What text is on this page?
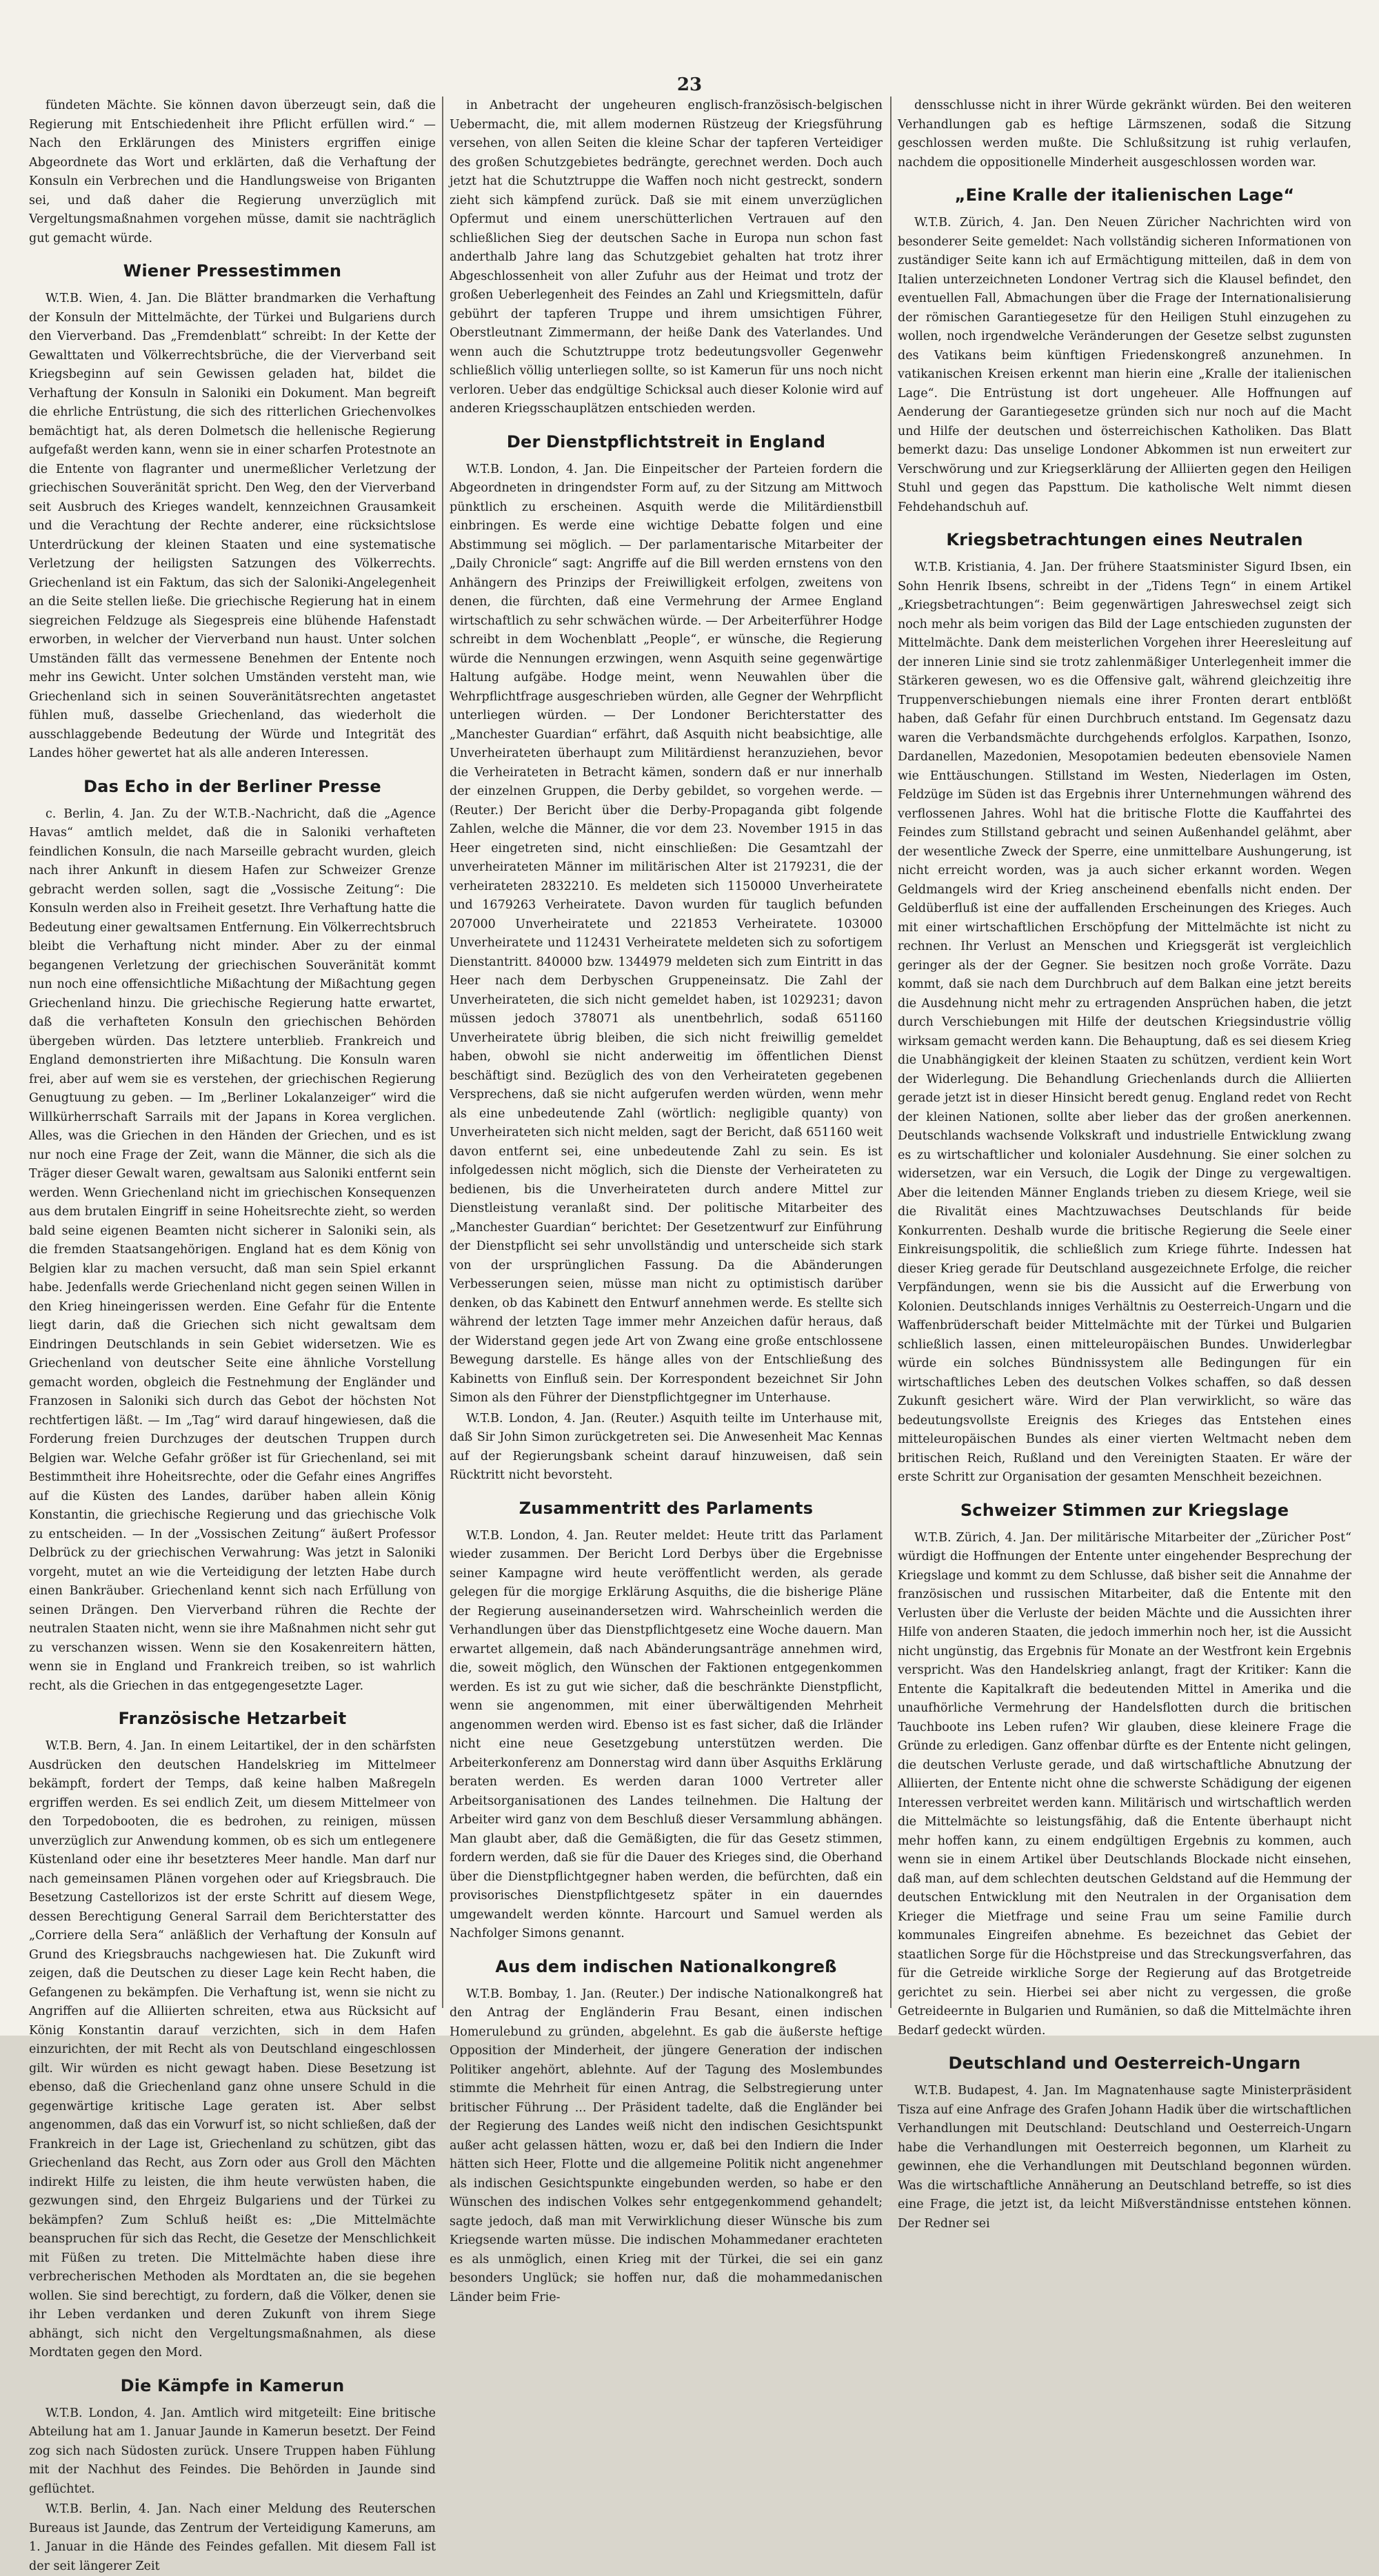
23

fündeten Mächte. Sie können davon überzeugt sein, daß die Regierung mit Entschiedenheit ihre Pflicht erfüllen wird.“ — Nach den Erklärungen des Ministers ergriffen einige Abgeordnete das Wort und erklärten, daß die Verhaftung der Konsuln ein Verbrechen und die Handlungsweise von Briganten sei, und daß daher die Regierung unverzüglich mit Vergeltungsmaßnahmen vorgehen müsse, damit sie nachträglich gut gemacht würde.

Wiener Pressestimmen

W.T.B. Wien, 4. Jan. Die Blätter brandmarken die Verhaftung der Konsuln der Mittelmächte, der Türkei und Bulgariens durch den Vierverband. Das „Fremdenblatt“ schreibt: In der Kette der Gewalttaten und Völkerrechtsbrüche, die der Vierverband seit Kriegsbeginn auf sein Gewissen geladen hat, bildet die Verhaftung der Konsuln in Saloniki ein Dokument. Man begreift die ehrliche Entrüstung, die sich des ritterlichen Griechenvolkes bemächtigt hat, als deren Dolmetsch die hellenische Regierung aufgefaßt werden kann, wenn sie in einer scharfen Protestnote an die Entente von flagranter und unermeßlicher Verletzung der griechischen Souveränität spricht. Den Weg, den der Vierverband seit Ausbruch des Krieges wandelt, kennzeichnen Grausamkeit und die Verachtung der Rechte anderer, eine rücksichtslose Unterdrückung der kleinen Staaten und eine systematische Verletzung der heiligsten Satzungen des Völkerrechts. Griechenland ist ein Faktum, das sich der Saloniki-Angelegenheit an die Seite stellen ließe. Die griechische Regierung hat in einem siegreichen Feldzuge als Siegespreis eine blühende Hafenstadt erworben, in welcher der Vierverband nun haust. Unter solchen Umständen fällt das vermessene Benehmen der Entente noch mehr ins Gewicht. Unter solchen Umständen versteht man, wie Griechenland sich in seinen Souveränitätsrechten angetastet fühlen muß, dasselbe Griechenland, das wiederholt die ausschlaggebende Bedeutung der Würde und Integrität des Landes höher gewertet hat als alle anderen Interessen.

Das Echo in der Berliner Presse

c. Berlin, 4. Jan. Zu der W.T.B.-Nachricht, daß die „Agence Havas“ amtlich meldet, daß die in Saloniki verhafteten feindlichen Konsuln, die nach Marseille gebracht wurden, gleich nach ihrer Ankunft in diesem Hafen zur Schweizer Grenze gebracht werden sollen, sagt die „Vossische Zeitung“: Die Konsuln werden also in Freiheit gesetzt. Ihre Verhaftung hatte die Bedeutung einer gewaltsamen Entfernung. Ein Völkerrechtsbruch bleibt die Verhaftung nicht minder. Aber zu der einmal begangenen Verletzung der griechischen Souveränität kommt nun noch eine offensichtliche Mißachtung der Mißachtung gegen Griechenland hinzu. Die griechische Regierung hatte erwartet, daß die verhafteten Konsuln den griechischen Behörden übergeben würden. Das letztere unterblieb. Frankreich und England demonstrierten ihre Mißachtung. Die Konsuln waren frei, aber auf wem sie es verstehen, der griechischen Regierung Genugtuung zu geben. — Im „Berliner Lokalanzeiger“ wird die Willkürherrschaft Sarrails mit der Japans in Korea verglichen. Alles, was die Griechen in den Händen der Griechen, und es ist nur noch eine Frage der Zeit, wann die Männer, die sich als die Träger dieser Gewalt waren, gewaltsam aus Saloniki entfernt sein werden. Wenn Griechenland nicht im griechischen Konsequenzen aus dem brutalen Eingriff in seine Hoheitsrechte zieht, so werden bald seine eigenen Beamten nicht sicherer in Saloniki sein, als die fremden Staatsangehörigen. England hat es dem König von Belgien klar zu machen versucht, daß man sein Spiel erkannt habe. Jedenfalls werde Griechenland nicht gegen seinen Willen in den Krieg hineingerissen werden. Eine Gefahr für die Entente liegt darin, daß die Griechen sich nicht gewaltsam dem Eindringen Deutschlands in sein Gebiet widersetzen. Wie es Griechenland von deutscher Seite eine ähnliche Vorstellung gemacht worden, obgleich die Festnehmung der Engländer und Franzosen in Saloniki sich durch das Gebot der höchsten Not rechtfertigen läßt. — Im „Tag“ wird darauf hingewiesen, daß die Forderung freien Durchzuges der deutschen Truppen durch Belgien war. Welche Gefahr größer ist für Griechenland, sei mit Bestimmtheit ihre Hoheitsrechte, oder die Gefahr eines Angriffes auf die Küsten des Landes, darüber haben allein König Konstantin, die griechische Regierung und das griechische Volk zu entscheiden. — In der „Vossischen Zeitung“ äußert Professor Delbrück zu der griechischen Verwahrung: Was jetzt in Saloniki vorgeht, mutet an wie die Verteidigung der letzten Habe durch einen Bankräuber. Griechenland kennt sich nach Erfüllung von seinen Drängen. Den Vierverband rühren die Rechte der neutralen Staaten nicht, wenn sie ihre Maßnahmen nicht sehr gut zu verschanzen wissen. Wenn sie den Kosakenreitern hätten, wenn sie in England und Frankreich treiben, so ist wahrlich recht, als die Griechen in das entgegengesetzte Lager.

Französische Hetzarbeit

W.T.B. Bern, 4. Jan. In einem Leitartikel, der in den schärfsten Ausdrücken den deutschen Handelskrieg im Mittelmeer bekämpft, fordert der Temps, daß keine halben Maßregeln ergriffen werden. Es sei endlich Zeit, um diesem Mittelmeer von den Torpedobooten, die es bedrohen, zu reinigen, müssen unverzüglich zur Anwendung kommen, ob es sich um entlegenere Küstenland oder eine ihr besetzteres Meer handle. Man darf nur nach gemeinsamen Plänen vorgehen oder auf Kriegsbrauch. Die Besetzung Castellorizos ist der erste Schritt auf diesem Wege, dessen Berechtigung General Sarrail dem Berichterstatter des „Corriere della Sera“ anläßlich der Verhaftung der Konsuln auf Grund des Kriegsbrauchs nachgewiesen hat. Die Zukunft wird zeigen, daß die Deutschen zu dieser Lage kein Recht haben, die Gefangenen zu bekämpfen. Die Verhaftung ist, wenn sie nicht zu Angriffen auf die Alliierten schreiten, etwa aus Rücksicht auf König Konstantin darauf verzichten, sich in dem Hafen einzurichten, der mit Recht als von Deutschland eingeschlossen gilt. Wir würden es nicht gewagt haben. Diese Besetzung ist ebenso, daß die Griechenland ganz ohne unsere Schuld in die gegenwärtige kritische Lage geraten ist. Aber selbst angenommen, daß das ein Vorwurf ist, so nicht schließen, daß der Frankreich in der Lage ist, Griechenland zu schützen, gibt das Griechenland das Recht, aus Zorn oder aus Groll den Mächten indirekt Hilfe zu leisten, die ihm heute verwüsten haben, die gezwungen sind, den Ehrgeiz Bulgariens und der Türkei zu bekämpfen? Zum Schluß heißt es: „Die Mittelmächte beanspruchen für sich das Recht, die Gesetze der Menschlichkeit mit Füßen zu treten. Die Mittelmächte haben diese ihre verbrecherischen Methoden als Mordtaten an, die sie begehen wollen. Sie sind berechtigt, zu fordern, daß die Völker, denen sie ihr Leben verdanken und deren Zukunft von ihrem Siege abhängt, sich nicht den Vergeltungsmaßnahmen, als diese Mordtaten gegen den Mord.

Die Kämpfe in Kamerun

W.T.B. London, 4. Jan. Amtlich wird mitgeteilt: Eine britische Abteilung hat am 1. Januar Jaunde in Kamerun besetzt. Der Feind zog sich nach Südosten zurück. Unsere Truppen haben Fühlung mit der Nachhut des Feindes. Die Behörden in Jaunde sind geflüchtet.

W.T.B. Berlin, 4. Jan. Nach einer Meldung des Reuterschen Bureaus ist Jaunde, das Zentrum der Verteidigung Kameruns, am 1. Januar in die Hände des Feindes gefallen. Mit diesem Fall ist der seit längerer Zeit

in Anbetracht der ungeheuren englisch-französisch-belgischen Uebermacht, die, mit allem modernen Rüstzeug der Kriegsführung versehen, von allen Seiten die kleine Schar der tapferen Verteidiger des großen Schutzgebietes bedrängte, gerechnet werden. Doch auch jetzt hat die Schutztruppe die Waffen noch nicht gestreckt, sondern zieht sich kämpfend zurück. Daß sie mit einem unverzüglichen Opfermut und einem unerschütterlichen Vertrauen auf den schließlichen Sieg der deutschen Sache in Europa nun schon fast anderthalb Jahre lang das Schutzgebiet gehalten hat trotz ihrer Abgeschlossenheit von aller Zufuhr aus der Heimat und trotz der großen Ueberlegenheit des Feindes an Zahl und Kriegsmitteln, dafür gebührt der tapferen Truppe und ihrem umsichtigen Führer, Oberstleutnant Zimmermann, der heiße Dank des Vaterlandes. Und wenn auch die Schutztruppe trotz bedeutungsvoller Gegenwehr schließlich völlig unterliegen sollte, so ist Kamerun für uns noch nicht verloren. Ueber das endgültige Schicksal auch dieser Kolonie wird auf anderen Kriegsschauplätzen entschieden werden.

Der Dienstpflichtstreit in England

W.T.B. London, 4. Jan. Die Einpeitscher der Parteien fordern die Abgeordneten in dringendster Form auf, zu der Sitzung am Mittwoch pünktlich zu erscheinen. Asquith werde die Militärdienstbill einbringen. Es werde eine wichtige Debatte folgen und eine Abstimmung sei möglich. — Der parlamentarische Mitarbeiter der „Daily Chronicle“ sagt: Angriffe auf die Bill werden ernstens von den Anhängern des Prinzips der Freiwilligkeit erfolgen, zweitens von denen, die fürchten, daß eine Vermehrung der Armee England wirtschaftlich zu sehr schwächen würde. — Der Arbeiterführer Hodge schreibt in dem Wochenblatt „People“, er wünsche, die Regierung würde die Nennungen erzwingen, wenn Asquith seine gegenwärtige Haltung aufgäbe. Hodge meint, wenn Neuwahlen über die Wehrpflichtfrage ausgeschrieben würden, alle Gegner der Wehrpflicht unterliegen würden. — Der Londoner Berichterstatter des „Manchester Guardian“ erfährt, daß Asquith nicht beabsichtige, alle Unverheirateten überhaupt zum Militärdienst heranzuziehen, bevor die Verheirateten in Betracht kämen, sondern daß er nur innerhalb der einzelnen Gruppen, die Derby gebildet, so vorgehen werde. — (Reuter.) Der Bericht über die Derby-Propaganda gibt folgende Zahlen, welche die Männer, die vor dem 23. November 1915 in das Heer eingetreten sind, nicht einschließen: Die Gesamtzahl der unverheirateten Männer im militärischen Alter ist 2179231, die der verheirateten 2832210. Es meldeten sich 1150000 Unverheiratete und 1679263 Verheiratete. Davon wurden für tauglich befunden 207000 Unverheiratete und 221853 Verheiratete. 103000 Unverheiratete und 112431 Verheiratete meldeten sich zu sofortigem Dienstantritt. 840000 bzw. 1344979 meldeten sich zum Eintritt in das Heer nach dem Derbyschen Gruppeneinsatz. Die Zahl der Unverheirateten, die sich nicht gemeldet haben, ist 1029231; davon müssen jedoch 378071 als unentbehrlich, sodaß 651160 Unverheiratete übrig bleiben, die sich nicht freiwillig gemeldet haben, obwohl sie nicht anderweitig im öffentlichen Dienst beschäftigt sind. Bezüglich des von den Verheirateten gegebenen Versprechens, daß sie nicht aufgerufen werden würden, wenn mehr als eine unbedeutende Zahl (wörtlich: negligible quanty) von Unverheirateten sich nicht melden, sagt der Bericht, daß 651160 weit davon entfernt sei, eine unbedeutende Zahl zu sein. Es ist infolgedessen nicht möglich, sich die Dienste der Verheirateten zu bedienen, bis die Unverheirateten durch andere Mittel zur Dienstleistung veranlaßt sind. Der politische Mitarbeiter des „Manchester Guardian“ berichtet: Der Gesetzentwurf zur Einführung der Dienstpflicht sei sehr unvollständig und unterscheide sich stark von der ursprünglichen Fassung. Da die Abänderungen Verbesserungen seien, müsse man nicht zu optimistisch darüber denken, ob das Kabinett den Entwurf annehmen werde. Es stellte sich während der letzten Tage immer mehr Anzeichen dafür heraus, daß der Widerstand gegen jede Art von Zwang eine große entschlossene Bewegung darstelle. Es hänge alles von der Entschließung des Kabinetts von Einfluß sein. Der Korrespondent bezeichnet Sir John Simon als den Führer der Dienstpflichtgegner im Unterhause.

W.T.B. London, 4. Jan. (Reuter.) Asquith teilte im Unterhause mit, daß Sir John Simon zurückgetreten sei. Die Anwesenheit Mac Kennas auf der Regierungsbank scheint darauf hinzuweisen, daß sein Rücktritt nicht bevorsteht.

Zusammentritt des Parlaments

W.T.B. London, 4. Jan. Reuter meldet: Heute tritt das Parlament wieder zusammen. Der Bericht Lord Derbys über die Ergebnisse seiner Kampagne wird heute veröffentlicht werden, als gerade gelegen für die morgige Erklärung Asquiths, die die bisherige Pläne der Regierung auseinandersetzen wird. Wahrscheinlich werden die Verhandlungen über das Dienstpflichtgesetz eine Woche dauern. Man erwartet allgemein, daß nach Abänderungsanträge annehmen wird, die, soweit möglich, den Wünschen der Faktionen entgegenkommen werden. Es ist zu gut wie sicher, daß die beschränkte Dienstpflicht, wenn sie angenommen, mit einer überwältigenden Mehrheit angenommen werden wird. Ebenso ist es fast sicher, daß die Irländer nicht eine neue Gesetzgebung unterstützen werden. Die Arbeiterkonferenz am Donnerstag wird dann über Asquiths Erklärung beraten werden. Es werden daran 1000 Vertreter aller Arbeitsorganisationen des Landes teilnehmen. Die Haltung der Arbeiter wird ganz von dem Beschluß dieser Versammlung abhängen. Man glaubt aber, daß die Gemäßigten, die für das Gesetz stimmen, fordern werden, daß sie für die Dauer des Krieges sind, die Oberhand über die Dienstpflichtgegner haben werden, die befürchten, daß ein provisorisches Dienstpflichtgesetz später in ein dauerndes umgewandelt werden könnte. Harcourt und Samuel werden als Nachfolger Simons genannt.

Aus dem indischen Nationalkongreß

W.T.B. Bombay, 1. Jan. (Reuter.) Der indische Nationalkongreß hat den Antrag der Engländerin Frau Besant, einen indischen Homerulebund zu gründen, abgelehnt. Es gab die äußerste heftige Opposition der Minderheit, der jüngere Generation der indischen Politiker angehört, ablehnte. Auf der Tagung des Moslembundes stimmte die Mehrheit für einen Antrag, die Selbstregierung unter britischer Führung ... Der Präsident tadelte, daß die Engländer bei der Regierung des Landes weiß nicht den indischen Gesichtspunkt außer acht gelassen hätten, wozu er, daß bei den Indiern die Inder hätten sich Heer, Flotte und die allgemeine Politik nicht angenehmer als indischen Gesichtspunkte eingebunden werden, so habe er den Wünschen des indischen Volkes sehr entgegenkommend gehandelt; sagte jedoch, daß man mit Verwirklichung dieser Wünsche bis zum Kriegsende warten müsse. Die indischen Mohammedaner erachteten es als unmöglich, einen Krieg mit der Türkei, die sei ein ganz besonders Unglück; sie hoffen nur, daß die mohammedanischen Länder beim Frie-

densschlusse nicht in ihrer Würde gekränkt würden. Bei den weiteren Verhandlungen gab es heftige Lärmszenen, sodaß die Sitzung geschlossen werden mußte. Die Schlußsitzung ist ruhig verlaufen, nachdem die oppositionelle Minderheit ausgeschlossen worden war.

„Eine Kralle der italienischen Lage“

W.T.B. Zürich, 4. Jan. Den Neuen Züricher Nachrichten wird von besonderer Seite gemeldet: Nach vollständig sicheren Informationen von zuständiger Seite kann ich auf Ermächtigung mitteilen, daß in dem von Italien unterzeichneten Londoner Vertrag sich die Klausel befindet, den eventuellen Fall, Abmachungen über die Frage der Internationalisierung der römischen Garantiegesetze für den Heiligen Stuhl einzugehen zu wollen, noch irgendwelche Veränderungen der Gesetze selbst zugunsten des Vatikans beim künftigen Friedenskongreß anzunehmen. In vatikanischen Kreisen erkennt man hierin eine „Kralle der italienischen Lage“. Die Entrüstung ist dort ungeheuer. Alle Hoffnungen auf Aenderung der Garantiegesetze gründen sich nur noch auf die Macht und Hilfe der deutschen und österreichischen Katholiken. Das Blatt bemerkt dazu: Das unselige Londoner Abkommen ist nun erweitert zur Verschwörung und zur Kriegserklärung der Alliierten gegen den Heiligen Stuhl und gegen das Papsttum. Die katholische Welt nimmt diesen Fehdehandschuh auf.

Kriegsbetrachtungen eines Neutralen

W.T.B. Kristiania, 4. Jan. Der frühere Staatsminister Sigurd Ibsen, ein Sohn Henrik Ibsens, schreibt in der „Tidens Tegn“ in einem Artikel „Kriegsbetrachtungen“: Beim gegenwärtigen Jahreswechsel zeigt sich noch mehr als beim vorigen das Bild der Lage entschieden zugunsten der Mittelmächte. Dank dem meisterlichen Vorgehen ihrer Heeresleitung auf der inneren Linie sind sie trotz zahlenmäßiger Unterlegenheit immer die Stärkeren gewesen, wo es die Offensive galt, während gleichzeitig ihre Truppenverschiebungen niemals eine ihrer Fronten derart entblößt haben, daß Gefahr für einen Durchbruch entstand. Im Gegensatz dazu waren die Verbandsmächte durchgehends erfolglos. Karpathen, Isonzo, Dardanellen, Mazedonien, Mesopotamien bedeuten ebensoviele Namen wie Enttäuschungen. Stillstand im Westen, Niederlagen im Osten, Feldzüge im Süden ist das Ergebnis ihrer Unternehmungen während des verflossenen Jahres. Wohl hat die britische Flotte die Kauffahrtei des Feindes zum Stillstand gebracht und seinen Außenhandel gelähmt, aber der wesentliche Zweck der Sperre, eine unmittelbare Aushungerung, ist nicht erreicht worden, was ja auch sicher erkannt worden. Wegen Geldmangels wird der Krieg anscheinend ebenfalls nicht enden. Der Geldüberfluß ist eine der auffallenden Erscheinungen des Krieges. Auch mit einer wirtschaftlichen Erschöpfung der Mittelmächte ist nicht zu rechnen. Ihr Verlust an Menschen und Kriegsgerät ist vergleichlich geringer als der der Gegner. Sie besitzen noch große Vorräte. Dazu kommt, daß sie nach dem Durchbruch auf dem Balkan eine jetzt bereits die Ausdehnung nicht mehr zu ertragenden Ansprüchen haben, die jetzt durch Verschiebungen mit Hilfe der deutschen Kriegsindustrie völlig wirksam gemacht werden kann. Die Behauptung, daß es sei diesem Krieg die Unabhängigkeit der kleinen Staaten zu schützen, verdient kein Wort der Widerlegung. Die Behandlung Griechenlands durch die Alliierten gerade jetzt ist in dieser Hinsicht beredt genug. England redet von Recht der kleinen Nationen, sollte aber lieber das der großen anerkennen. Deutschlands wachsende Volkskraft und industrielle Entwicklung zwang es zu wirtschaftlicher und kolonialer Ausdehnung. Sie einer solchen zu widersetzen, war ein Versuch, die Logik der Dinge zu vergewaltigen. Aber die leitenden Männer Englands trieben zu diesem Kriege, weil sie die Rivalität eines Machtzuwachses Deutschlands für beide Konkurrenten. Deshalb wurde die britische Regierung die Seele einer Einkreisungspolitik, die schließlich zum Kriege führte. Indessen hat dieser Krieg gerade für Deutschland ausgezeichnete Erfolge, die reicher Verpfändungen, wenn sie bis die Aussicht auf die Erwerbung von Kolonien. Deutschlands inniges Verhältnis zu Oesterreich-Ungarn und die Waffenbrüderschaft beider Mittelmächte mit der Türkei und Bulgarien schließlich lassen, einen mitteleuropäischen Bundes. Unwiderlegbar würde ein solches Bündnissystem alle Bedingungen für ein wirtschaftliches Leben des deutschen Volkes schaffen, so daß dessen Zukunft gesichert wäre. Wird der Plan verwirklicht, so wäre das bedeutungsvollste Ereignis des Krieges das Entstehen eines mitteleuropäischen Bundes als einer vierten Weltmacht neben dem britischen Reich, Rußland und den Vereinigten Staaten. Er wäre der erste Schritt zur Organisation der gesamten Menschheit bezeichnen.

Schweizer Stimmen zur Kriegslage

W.T.B. Zürich, 4. Jan. Der militärische Mitarbeiter der „Züricher Post“ würdigt die Hoffnungen der Entente unter eingehender Besprechung der Kriegslage und kommt zu dem Schlusse, daß bisher seit die Annahme der französischen und russischen Mitarbeiter, daß die Entente mit den Verlusten über die Verluste der beiden Mächte und die Aussichten ihrer Hilfe von anderen Staaten, die jedoch immerhin noch her, ist die Aussicht nicht ungünstig, das Ergebnis für Monate an der Westfront kein Ergebnis verspricht. Was den Handelskrieg anlangt, fragt der Kritiker: Kann die Entente die Kapitalkraft die bedeutenden Mittel in Amerika und die unaufhörliche Vermehrung der Handelsflotten durch die britischen Tauchboote ins Leben rufen? Wir glauben, diese kleinere Frage die Gründe zu erledigen. Ganz offenbar dürfte es der Entente nicht gelingen, die deutschen Verluste gerade, und daß wirtschaftliche Abnutzung der Alliierten, der Entente nicht ohne die schwerste Schädigung der eigenen Interessen verbreitet werden kann. Militärisch und wirtschaftlich werden die Mittelmächte so leistungsfähig, daß die Entente überhaupt nicht mehr hoffen kann, zu einem endgültigen Ergebnis zu kommen, auch wenn sie in einem Artikel über Deutschlands Blockade nicht einsehen, daß man, auf dem schlechten deutschen Geldstand auf die Hemmung der deutschen Entwicklung mit den Neutralen in der Organisation dem Krieger die Mietfrage und seine Frau um seine Familie durch kommunales Eingreifen abnehme. Es bezeichnet das Gebiet der staatlichen Sorge für die Höchstpreise und das Streckungsverfahren, das für die Getreide wirkliche Sorge der Regierung auf das Brotgetreide gerichtet zu sein. Hierbei sei aber nicht zu vergessen, die große Getreideernte in Bulgarien und Rumänien, so daß die Mittelmächte ihren Bedarf gedeckt würden.

Deutschland und Oesterreich-Ungarn

W.T.B. Budapest, 4. Jan. Im Magnatenhause sagte Ministerpräsident Tisza auf eine Anfrage des Grafen Johann Hadik über die wirtschaftlichen Verhandlungen mit Deutschland: Deutschland und Oesterreich-Ungarn habe die Verhandlungen mit Oesterreich begonnen, um Klarheit zu gewinnen, ehe die Verhandlungen mit Deutschland begonnen würden. Was die wirtschaftliche Annäherung an Deutschland betreffe, so ist dies eine Frage, die jetzt ist, da leicht Mißverständnisse entstehen können. Der Redner sei
